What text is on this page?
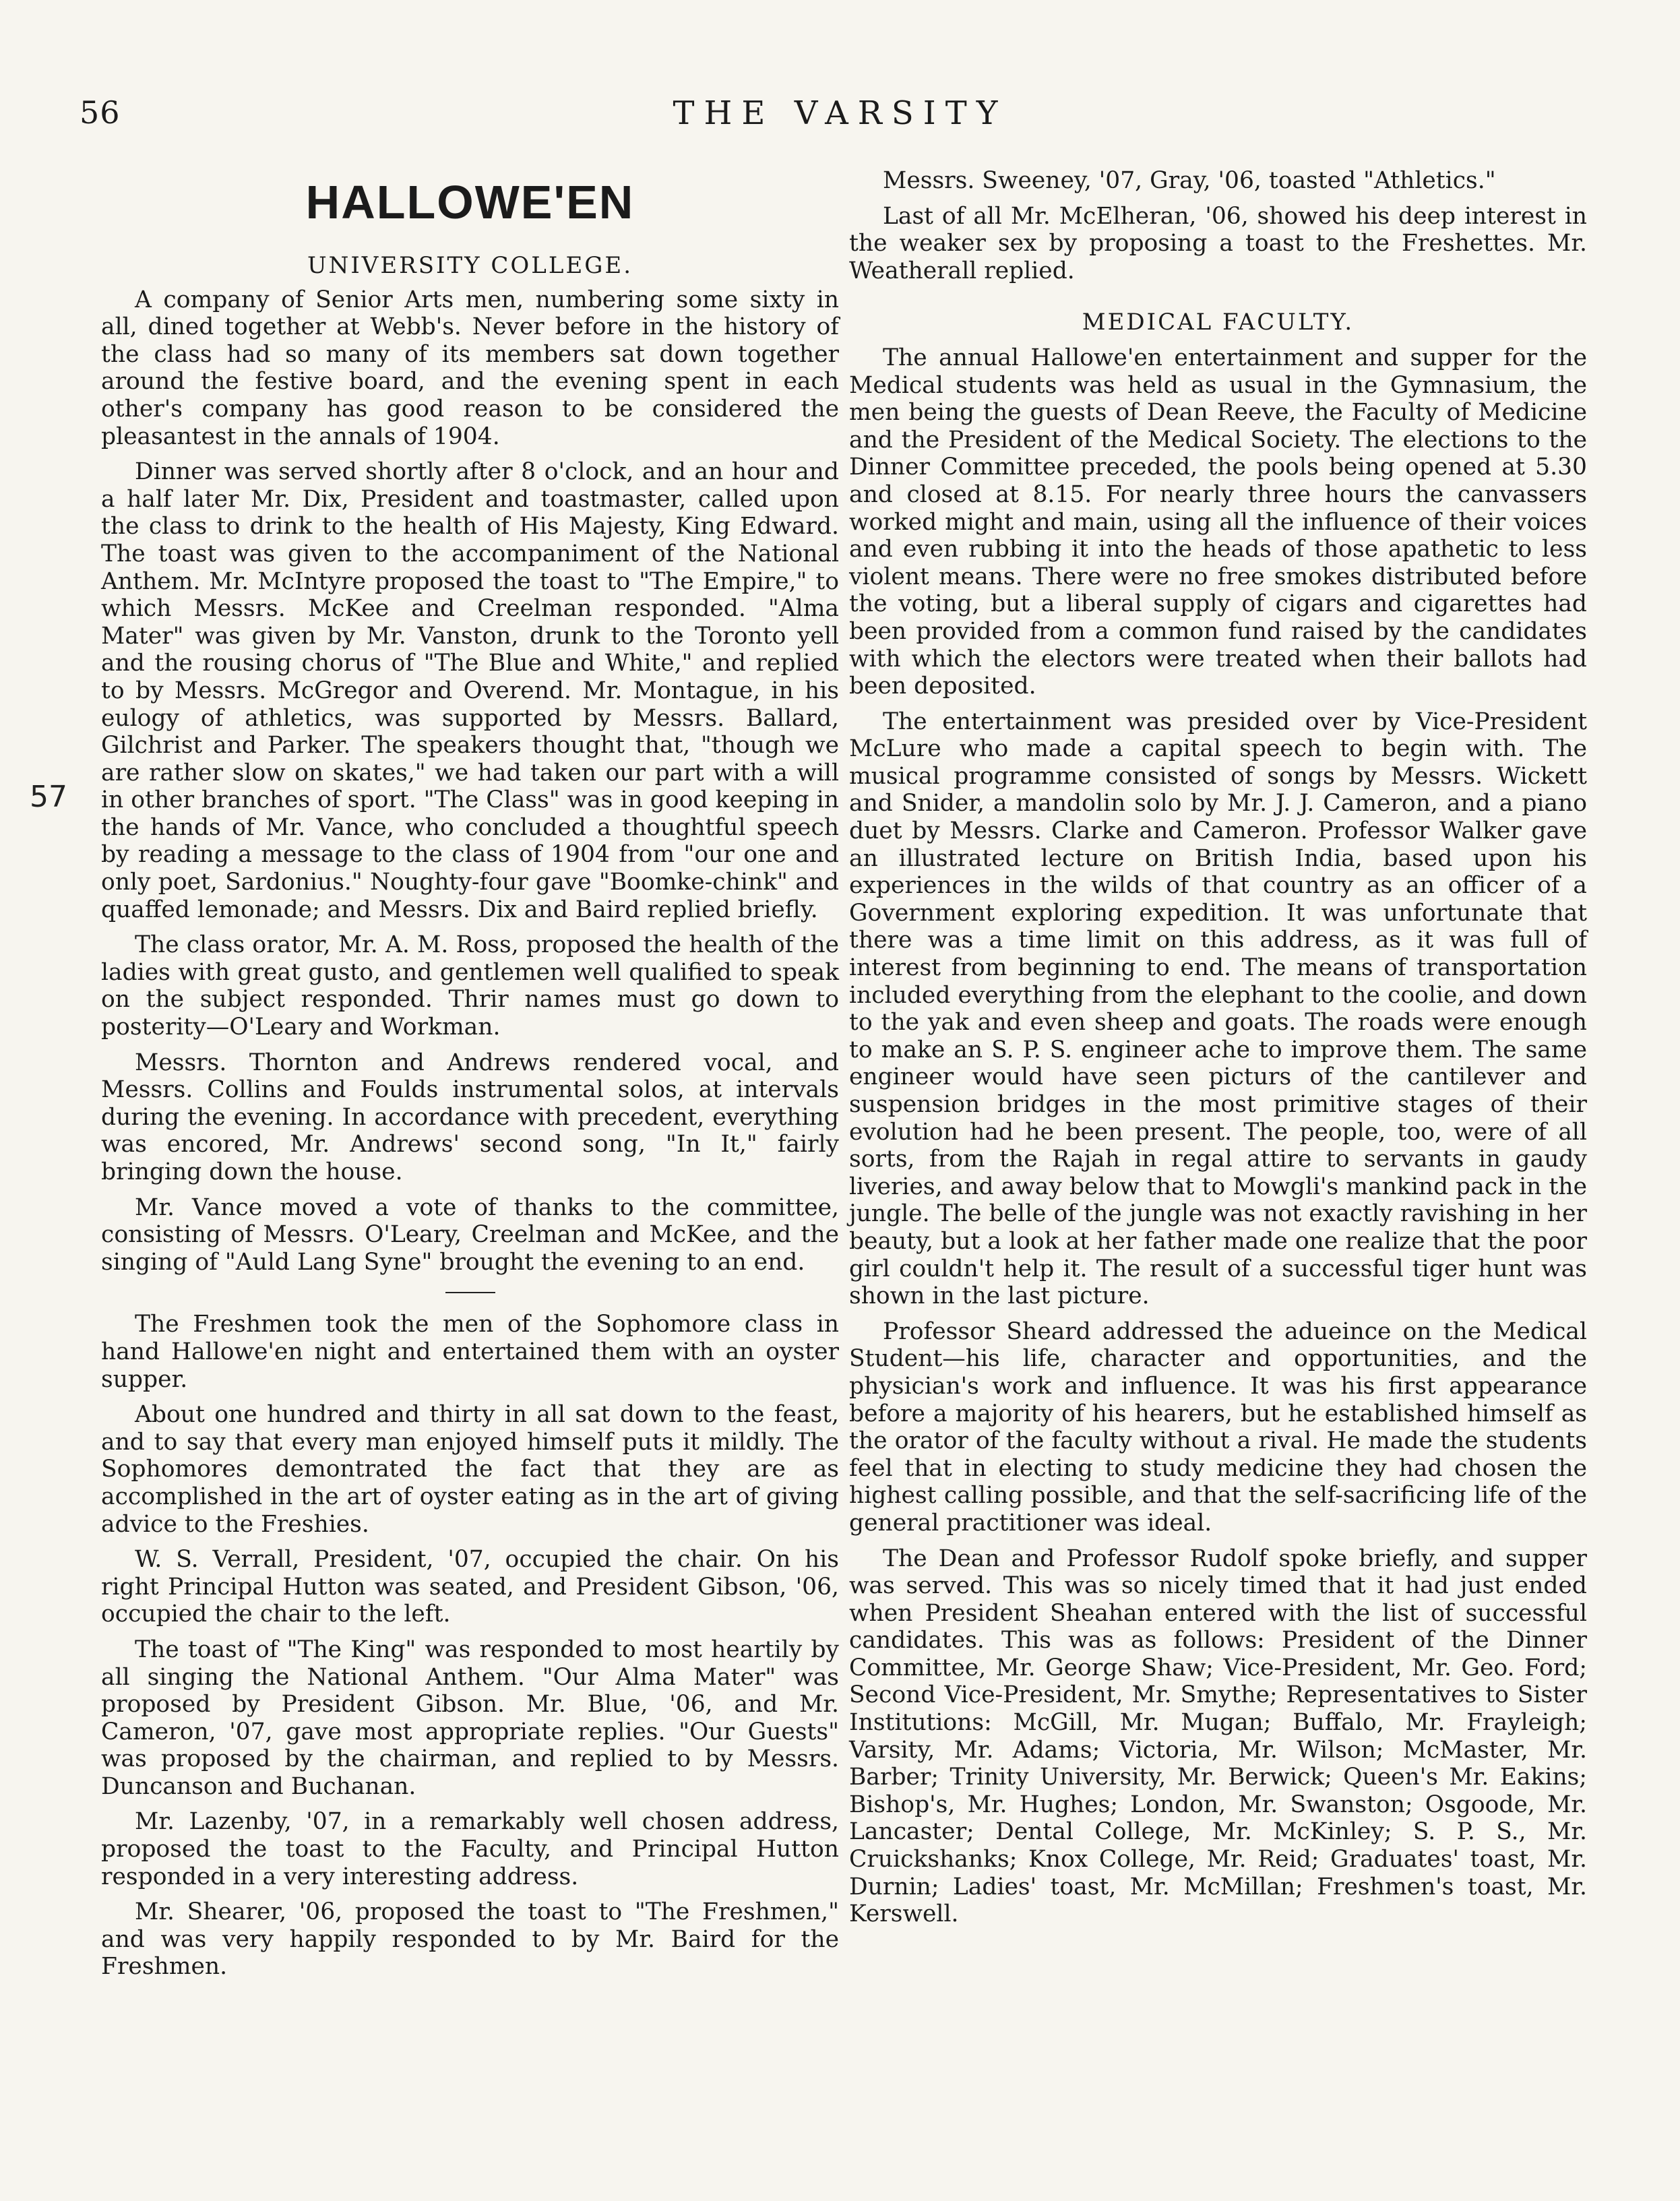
56	THE VARSITY
57
HALLOWE'EN
UNIVERSITY COLLEGE.

A company of Senior Arts men, numbering some sixty in all, dined together at Webb's. Never before in the history of the class had so many of its members sat down together around the festive board, and the evening spent in each other's company has good reason to be considered the pleasantest in the annals of 1904.

Dinner was served shortly after 8 o'clock, and an hour and a half later Mr. Dix, President and toastmaster, called upon the class to drink to the health of His Majesty, King Edward. The toast was given to the accompaniment of the National Anthem. Mr. McIntyre proposed the toast to "The Empire," to which Messrs. McKee and Creelman responded. "Alma Mater" was given by Mr. Vanston, drunk to the Toronto yell and the rousing chorus of "The Blue and White," and replied to by Messrs. McGregor and Overend. Mr. Montague, in his eulogy of athletics, was supported by Messrs. Ballard, Gilchrist and Parker. The speakers thought that, "though we are rather slow on skates," we had taken our part with a will in other branches of sport. "The Class" was in good keeping in the hands of Mr. Vance, who concluded a thoughtful speech by reading a message to the class of 1904 from "our one and only poet, Sardonius." Noughty-four gave "Boomke-chink" and quaffed lemonade; and Messrs. Dix and Baird replied briefly.

The class orator, Mr. A. M. Ross, proposed the health of the ladies with great gusto, and gentlemen well qualified to speak on the subject responded. Thrir names must go down to posterity—O'Leary and Workman.

Messrs. Thornton and Andrews rendered vocal, and Messrs. Collins and Foulds instrumental solos, at intervals during the evening. In accordance with precedent, everything was encored, Mr. Andrews' second song, "In It," fairly bringing down the house.

Mr. Vance moved a vote of thanks to the committee, consisting of Messrs. O'Leary, Creelman and McKee, and the singing of "Auld Lang Syne" brought the evening to an end.

The Freshmen took the men of the Sophomore class in hand Hallowe'en night and entertained them with an oyster supper.

About one hundred and thirty in all sat down to the feast, and to say that every man enjoyed himself puts it mildly. The Sophomores demontrated the fact that they are as accomplished in the art of oyster eating as in the art of giving advice to the Freshies.

W. S. Verrall, President, '07, occupied the chair. On his right Principal Hutton was seated, and President Gibson, '06, occupied the chair to the left.

The toast of "The King" was responded to most heartily by all singing the National Anthem. "Our Alma Mater" was proposed by President Gibson. Mr. Blue, '06, and Mr. Cameron, '07, gave most appropriate replies. "Our Guests" was proposed by the chairman, and replied to by Messrs. Duncanson and Buchanan.

Mr. Lazenby, '07, in a remarkably well chosen address, proposed the toast to the Faculty, and Principal Hutton responded in a very interesting address.

Mr. Shearer, '06, proposed the toast to "The Freshmen," and was very happily responded to by Mr. Baird for the Freshmen.

Messrs. Sweeney, '07, Gray, '06, toasted "Athletics."

Last of all Mr. McElheran, '06, showed his deep interest in the weaker sex by proposing a toast to the Freshettes. Mr. Weatherall replied.

MEDICAL FACULTY.

The annual Hallowe'en entertainment and supper for the Medical students was held as usual in the Gymnasium, the men being the guests of Dean Reeve, the Faculty of Medicine and the President of the Medical Society. The elections to the Dinner Committee preceded, the pools being opened at 5.30 and closed at 8.15. For nearly three hours the canvassers worked might and main, using all the influence of their voices and even rubbing it into the heads of those apathetic to less violent means. There were no free smokes distributed before the voting, but a liberal supply of cigars and cigarettes had been provided from a common fund raised by the candidates with which the electors were treated when their ballots had been deposited.

The entertainment was presided over by Vice-President McLure who made a capital speech to begin with. The musical programme consisted of songs by Messrs. Wickett and Snider, a mandolin solo by Mr. J. J. Cameron, and a piano duet by Messrs. Clarke and Cameron. Professor Walker gave an illustrated lecture on British India, based upon his experiences in the wilds of that country as an officer of a Government exploring expedition. It was unfortunate that there was a time limit on this address, as it was full of interest from beginning to end. The means of transportation included everything from the elephant to the coolie, and down to the yak and even sheep and goats. The roads were enough to make an S. P. S. engineer ache to improve them. The same engineer would have seen picturs of the cantilever and suspension bridges in the most primitive stages of their evolution had he been present. The people, too, were of all sorts, from the Rajah in regal attire to servants in gaudy liveries, and away below that to Mowgli's mankind pack in the jungle. The belle of the jungle was not exactly ravishing in her beauty, but a look at her father made one realize that the poor girl couldn't help it. The result of a successful tiger hunt was shown in the last picture.

Professor Sheard addressed the adueince on the Medical Student—his life, character and opportunities, and the physician's work and influence. It was his first appearance before a majority of his hearers, but he established himself as the orator of the faculty without a rival. He made the students feel that in electing to study medicine they had chosen the highest calling possible, and that the self-sacrificing life of the general practitioner was ideal.

The Dean and Professor Rudolf spoke briefly, and supper was served. This was so nicely timed that it had just ended when President Sheahan entered with the list of successful candidates. This was as follows: President of the Dinner Committee, Mr. George Shaw; Vice-President, Mr. Geo. Ford; Second Vice-President, Mr. Smythe; Representatives to Sister Institutions: McGill, Mr. Mugan; Buffalo, Mr. Frayleigh; Varsity, Mr. Adams; Victoria, Mr. Wilson; McMaster, Mr. Barber; Trinity University, Mr. Berwick; Queen's Mr. Eakins; Bishop's, Mr. Hughes; London, Mr. Swanston; Osgoode, Mr. Lancaster; Dental College, Mr. McKinley; S. P. S., Mr. Cruickshanks; Knox College, Mr. Reid; Graduates' toast, Mr. Durnin; Ladies' toast, Mr. McMillan; Freshmen's toast, Mr. Kerswell.
